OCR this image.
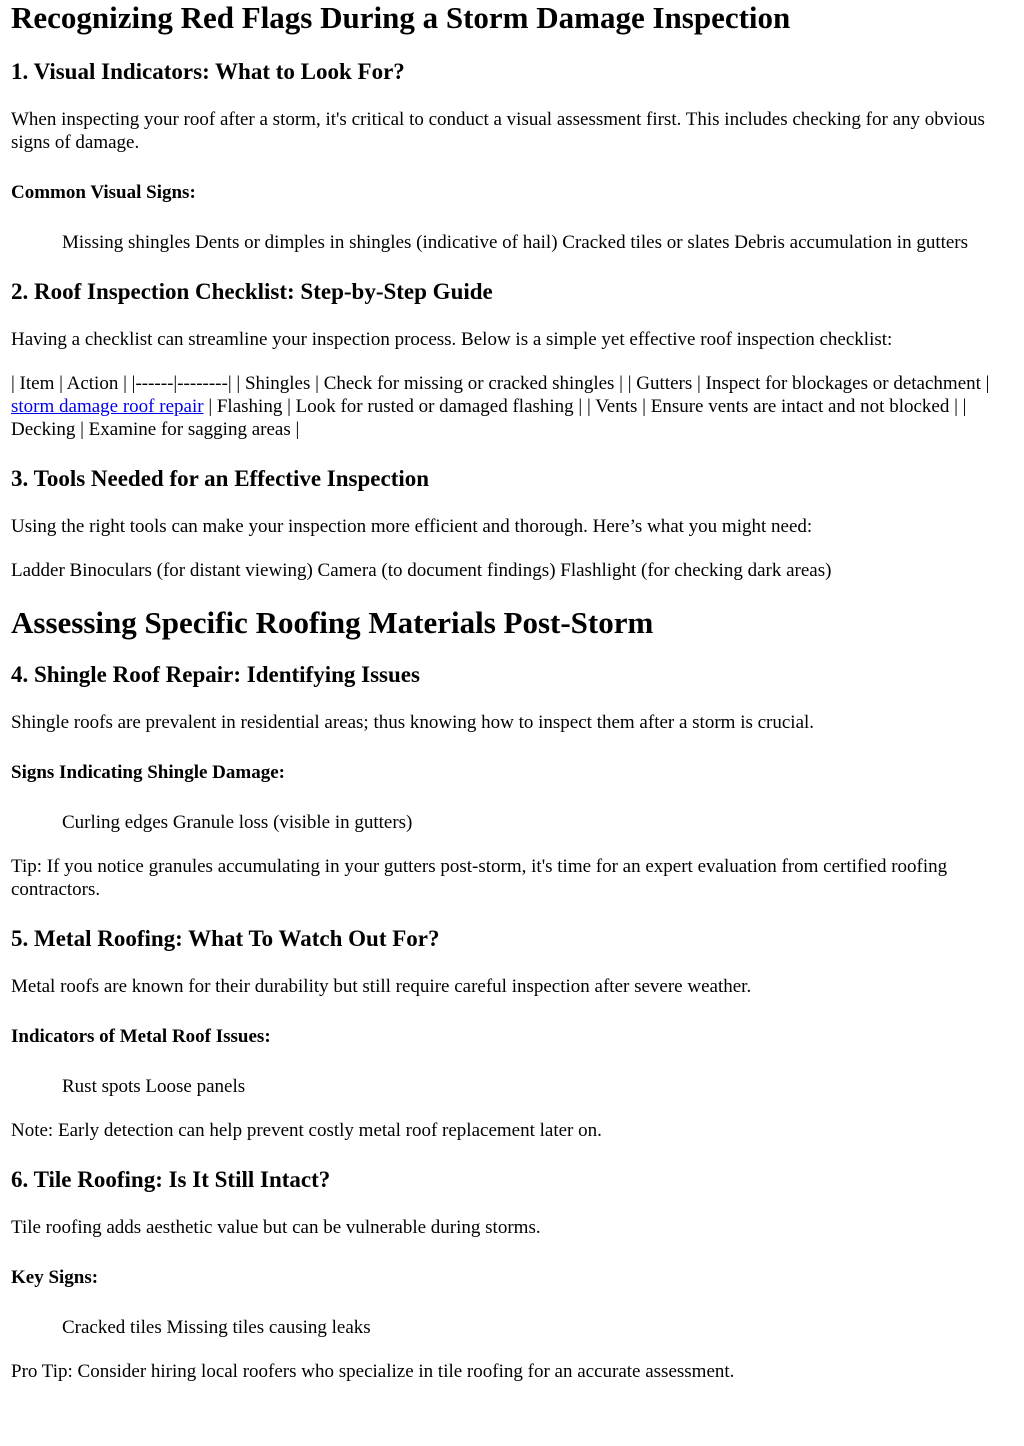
Recognizing Red Flags During a Storm Damage Inspection
1. Visual Indicators: What to Look For?

When inspecting your roof after a storm, it's critical to conduct a visual assessment first. This includes checking for any obvious signs of damage.

Common Visual Signs:

Missing shingles Dents or dimples in shingles (indicative of hail) Cracked tiles or slates Debris accumulation in gutters

2. Roof Inspection Checklist: Step-by-Step Guide

Having a checklist can streamline your inspection process. Below is a simple yet effective roof inspection checklist:

| Item | Action | |------|--------| | Shingles | Check for missing or cracked shingles | | Gutters | Inspect for blockages or detachment | storm damage roof repair | Flashing | Look for rusted or damaged flashing | | Vents | Ensure vents are intact and not blocked | | Decking | Examine for sagging areas |

3. Tools Needed for an Effective Inspection

Using the right tools can make your inspection more efficient and thorough. Here’s what you might need:

Ladder Binoculars (for distant viewing) Camera (to document findings) Flashlight (for checking dark areas)

Assessing Specific Roofing Materials Post-Storm
4. Shingle Roof Repair: Identifying Issues

Shingle roofs are prevalent in residential areas; thus knowing how to inspect them after a storm is crucial.

Signs Indicating Shingle Damage:

Curling edges Granule loss (visible in gutters)

Tip: If you notice granules accumulating in your gutters post-storm, it's time for an expert evaluation from certified roofing contractors.

5. Metal Roofing: What To Watch Out For?

Metal roofs are known for their durability but still require careful inspection after severe weather.

Indicators of Metal Roof Issues:

Rust spots Loose panels

Note: Early detection can help prevent costly metal roof replacement later on.

6. Tile Roofing: Is It Still Intact?

Tile roofing adds aesthetic value but can be vulnerable during storms.

Key Signs:

Cracked tiles Missing tiles causing leaks

Pro Tip: Consider hiring local roofers who specialize in tile roofing for an accurate assessment.
